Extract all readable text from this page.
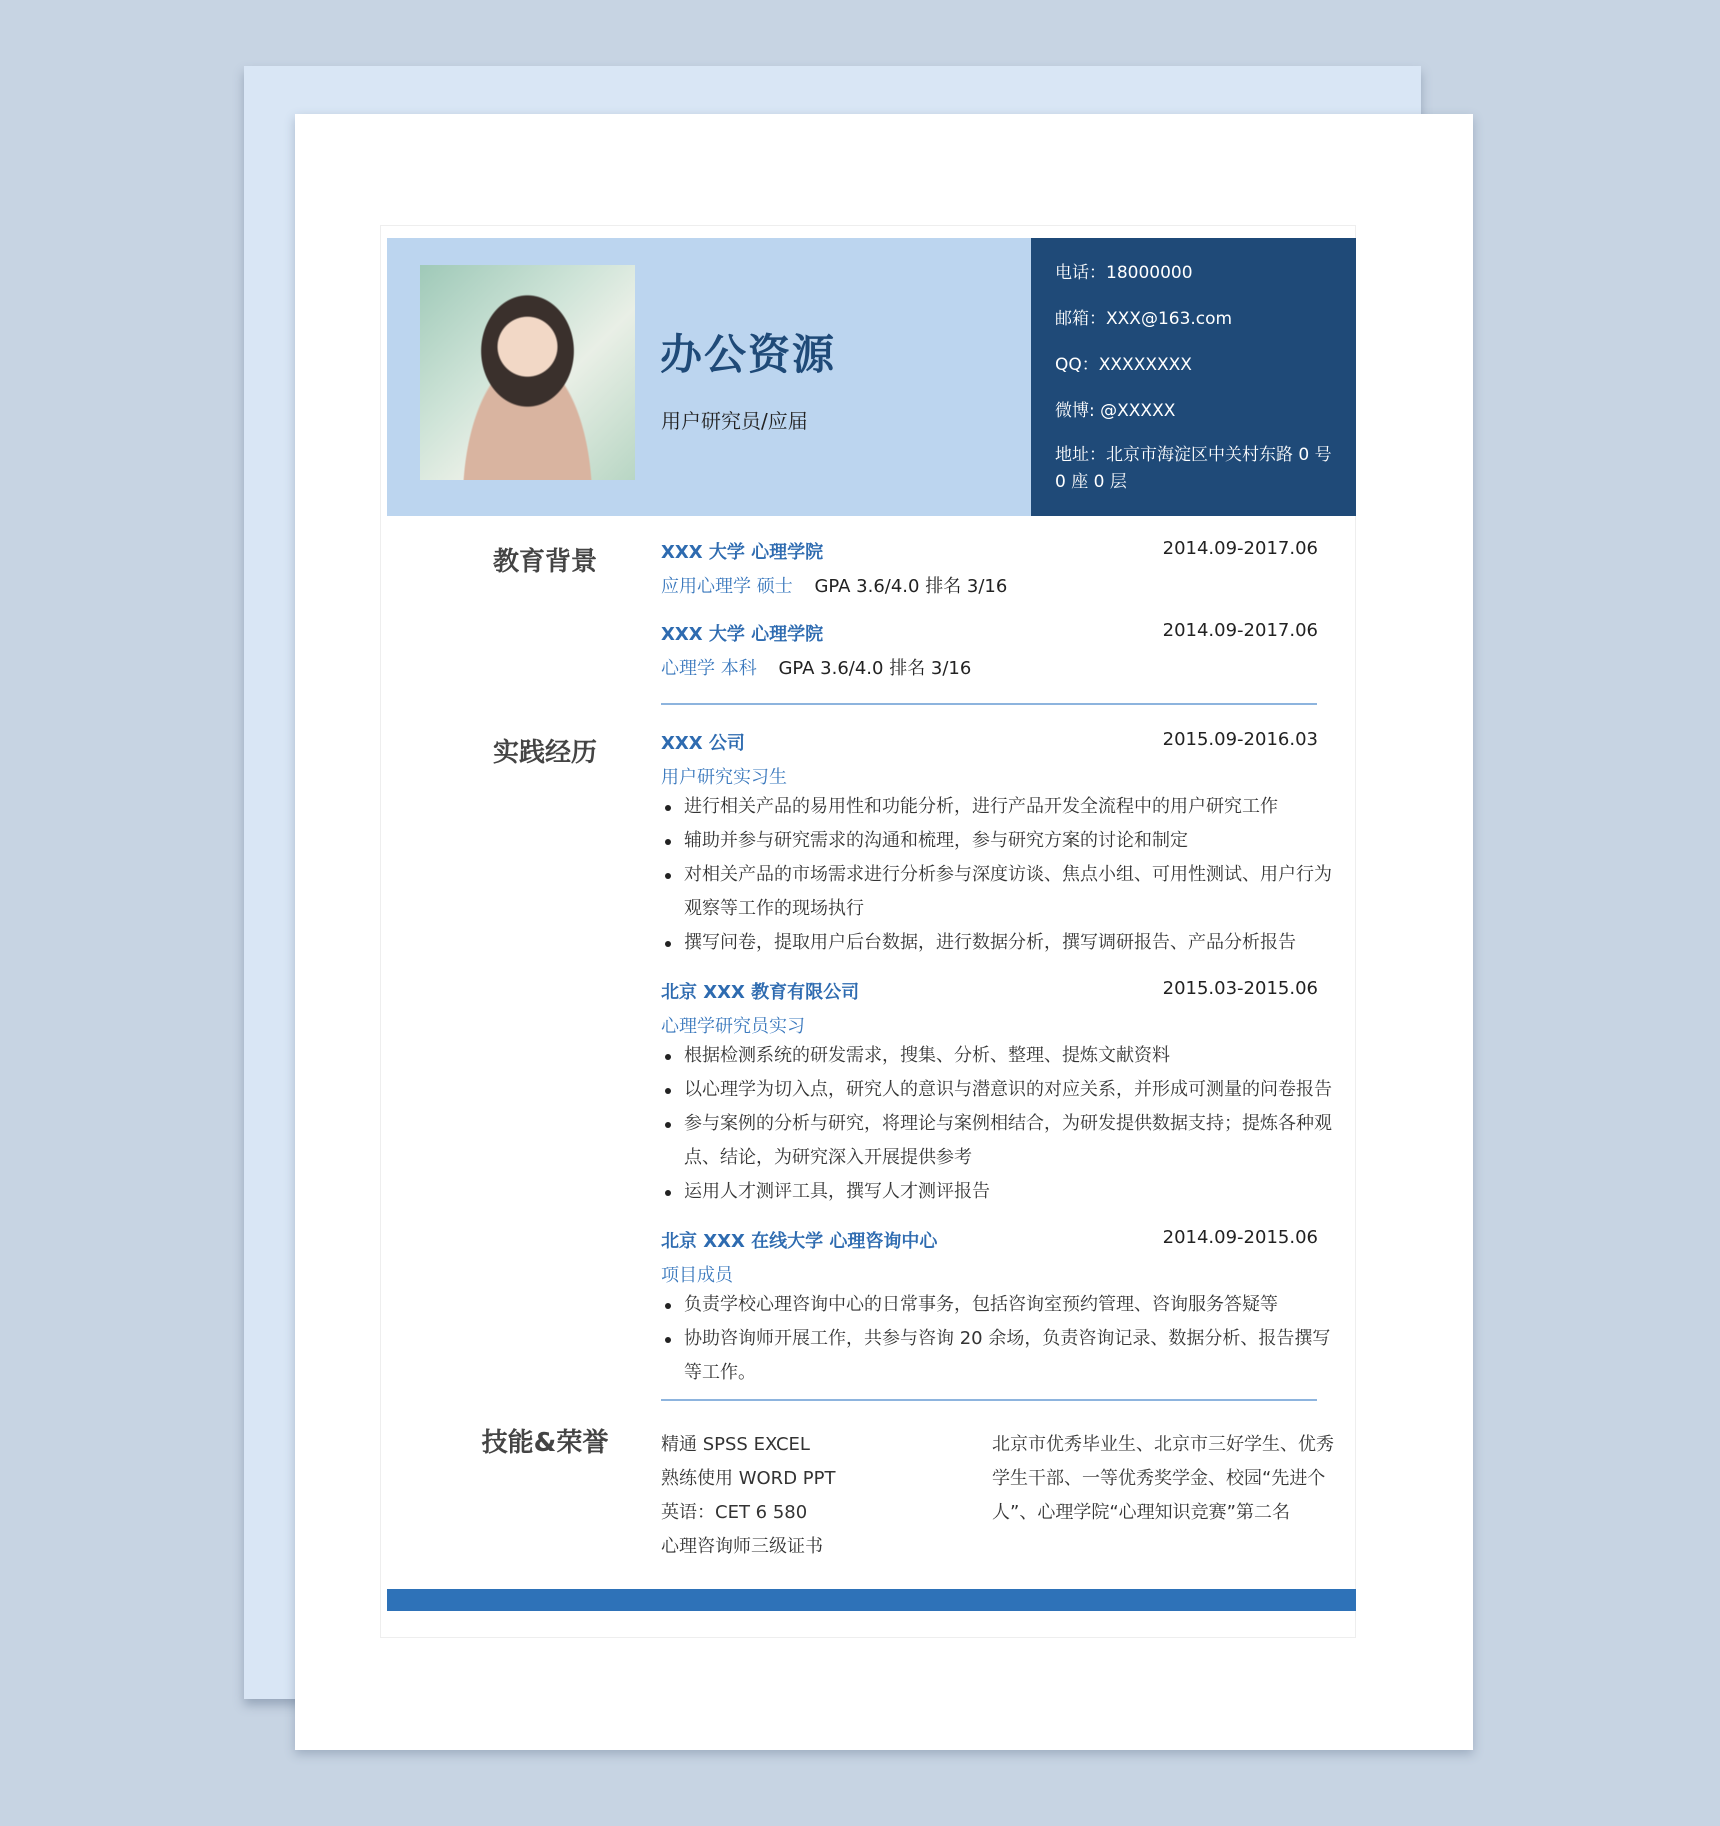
办公资源
用户研究员/应届
电话：18000000
邮箱：XXX@163.com
QQ：XXXXXXXX
微博: @XXXXX
地址：北京市海淀区中关村东路 0 号 0 座 0 层
教育背景	XXX 大学 心理学院	2014.09-2017.06
应用心理学 硕士 GPA 3.6/4.0 排名 3/16
XXX 大学 心理学院	2014.09-2017.06
心理学 本科 GPA 3.6/4.0 排名 3/16
实践经历	XXX 公司	2015.09-2016.03
用户研究实习生
进行相关产品的易用性和功能分析，进行产品开发全流程中的用户研究工作
辅助并参与研究需求的沟通和梳理，参与研究方案的讨论和制定
对相关产品的市场需求进行分析参与深度访谈、焦点小组、可用性测试、用户行为观察等工作的现场执行
撰写问卷，提取用户后台数据，进行数据分析，撰写调研报告、产品分析报告
北京 XXX 教育有限公司	2015.03-2015.06
心理学研究员实习
根据检测系统的研发需求，搜集、分析、整理、提炼文献资料
以心理学为切入点，研究人的意识与潜意识的对应关系，并形成可测量的问卷报告
参与案例的分析与研究，将理论与案例相结合，为研发提供数据支持；提炼各种观点、结论，为研究深入开展提供参考
运用人才测评工具，撰写人才测评报告
北京 XXX 在线大学 心理咨询中心	2014.09-2015.06
项目成员
负责学校心理咨询中心的日常事务，包括咨询室预约管理、咨询服务答疑等
协助咨询师开展工作，共参与咨询 20 余场，负责咨询记录、数据分析、报告撰写等工作。
技能&荣誉	精通 SPSS EXCEL
熟练使用 WORD PPT
英语：CET 6 580
心理咨询师三级证书
北京市优秀毕业生、北京市三好学生、优秀学生干部、一等优秀奖学金、校园“先进个人”、心理学院“心理知识竞赛”第二名
